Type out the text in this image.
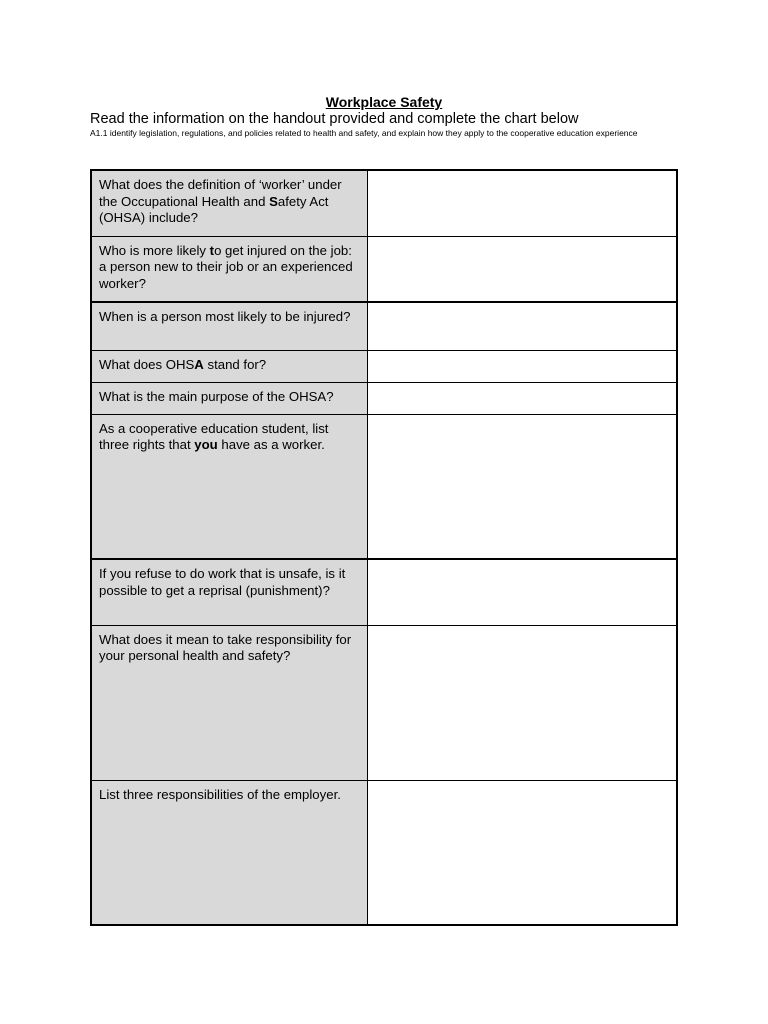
Workplace Safety
Read the information on the handout provided and complete the chart below
A1.1 identify legislation, regulations, and policies related to health and safety, and explain how they apply to the cooperative education experience
What does the definition of ‘worker’ under the Occupational Health and Safety Act (OHSA) include?	
Who is more likely to get injured on the job: a person new to their job or an experienced worker?	
When is a person most likely to be injured?	
What does OHSA stand for?	
What is the main purpose of the OHSA?	
As a cooperative education student, list three rights that you have as a worker.	
If you refuse to do work that is unsafe, is it possible to get a reprisal (punishment)?	
What does it mean to take responsibility for your personal health and safety?	
List three responsibilities of the employer.	
